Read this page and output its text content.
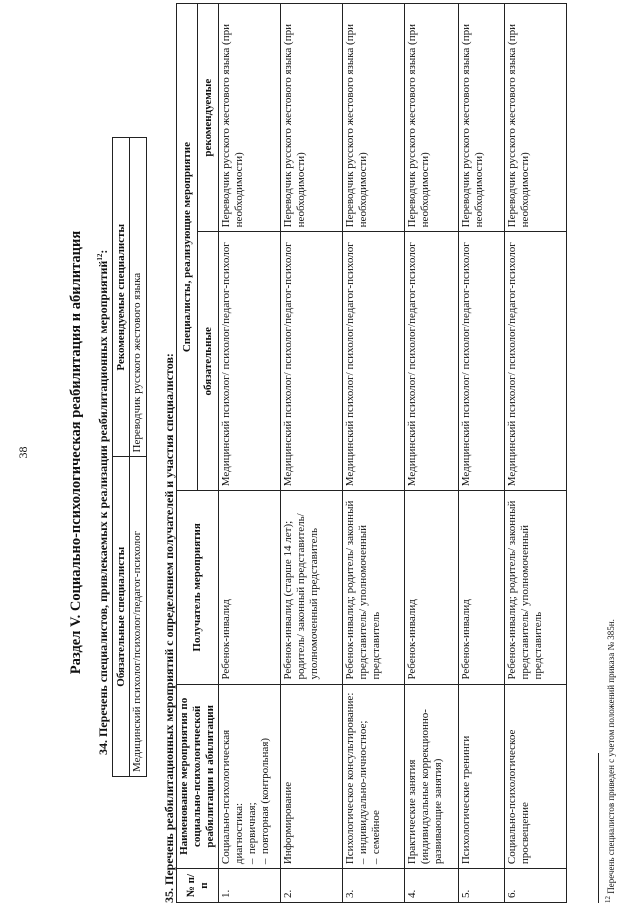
38	Раздел V. Социально-психологическая реабилитация и абилитация 34. Перечень специалистов, привлекаемых к реализации реабилитационных мероприятий$^{12}$:
Обязательные специалисты	Рекомендуемые специалисты
Медицинский психолог/психолог/педагог-психолог	Переводчик русского жестового языка 35. Перечень реабилитационных мероприятий с определением получателей и участия специалистов: № п/п	Наименование мероприятия по социально-психологической реабилитации и абилитации	Получатель мероприятия	Специалисты, реализующие мероприятие	
			обязательные	рекомендуемые
1.	Социально-психологическая диагностика: – первичная; – повторная (контрольная)	Ребенок-инвалид	Медицинский психолог/ психолог/педагог-психолог	Переводчик русского жестового языка (при необходимости)
2.	Информирование	Ребенок-инвалид (старше 14 лет); родитель/ законный представитель/ уполномоченный представитель	Медицинский психолог/ психолог/педагог-психолог	Переводчик русского жестового языка (при необходимости)
3.	Психологическое консультирование: – индивидуально-личностное; – семейное	Ребенок-инвалид; родитель/ законный представитель/ уполномоченный представитель	Медицинский психолог/ психолог/педагог-психолог	Переводчик русского жестового языка (при необходимости)
4.	Практические занятия (индивидуальные коррекционно-развивающие занятия)	Ребенок-инвалид	Медицинский психолог/ психолог/педагог-психолог	Переводчик русского жестового языка (при необходимости)
5.	Психологические тренинги	Ребенок-инвалид	Медицинский психолог/ психолог/педагог-психолог	Переводчик русского жестового языка (при необходимости)
6.	Социально-психологическое просвещение	Ребенок-инвалид; родитель/ законный представитель/ уполномоченный представитель	Медицинский психолог/ психолог/педагог-психолог	Переводчик русского жестового языка (при необходимости)
$^{12}$ Перечень специалистов приведен с учетом положений приказа № 385н.
